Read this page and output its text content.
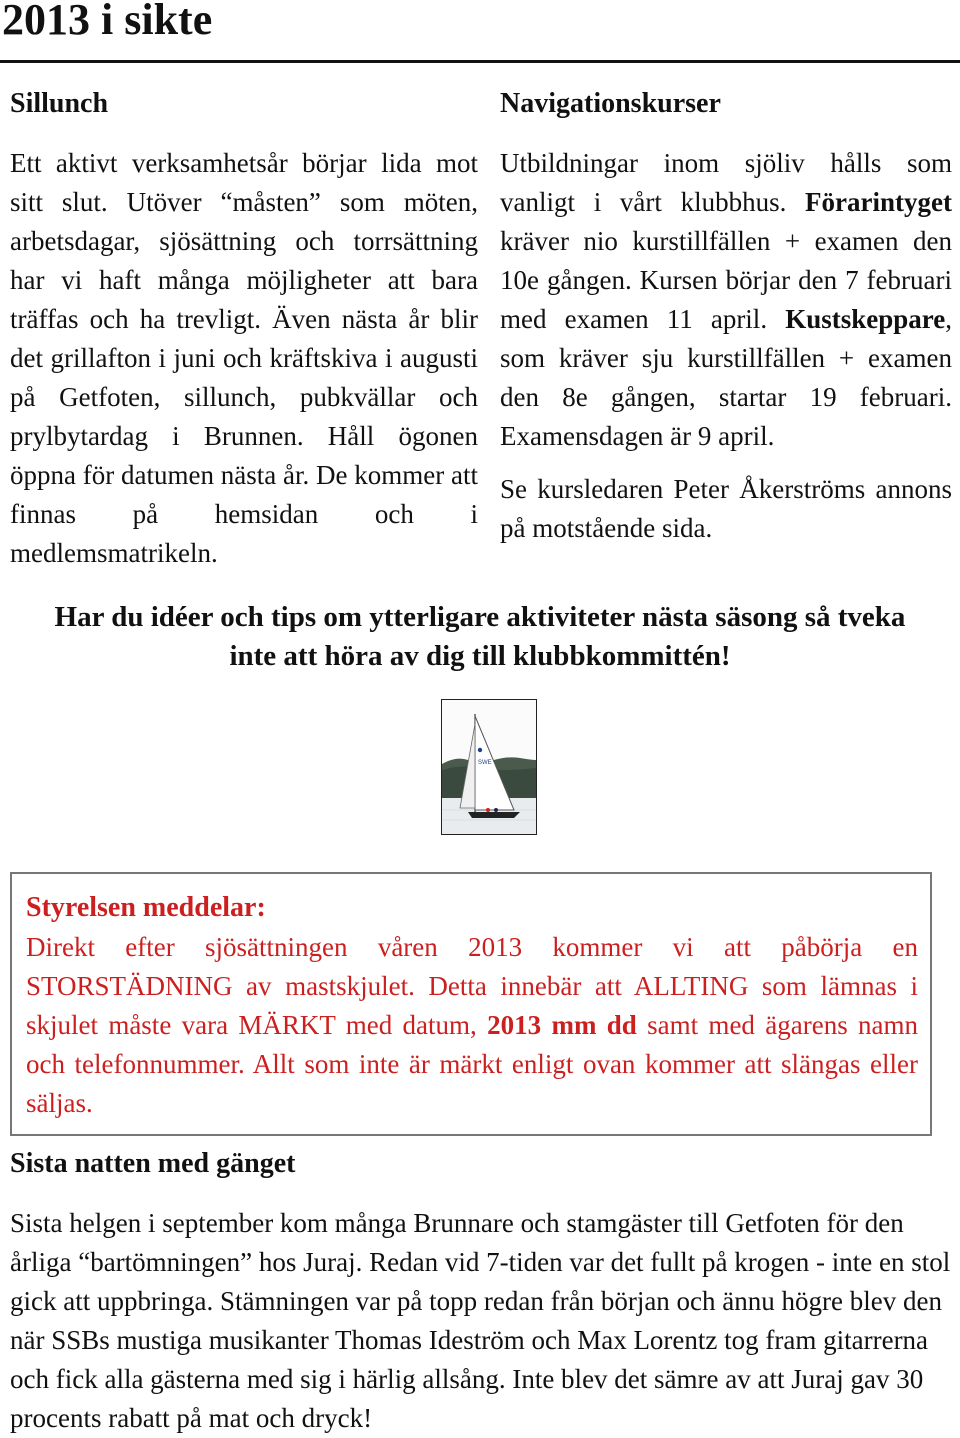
2013 i sikte
Sillunch

Ett aktivt verksamhetsår börjar lida mot sitt slut. Utöver “måsten” som möten, arbetsdagar, sjösättning och torrsättning har vi haft många möjligheter att bara träffas och ha trevligt. Även nästa år blir det grillafton i juni och kräftskiva i augusti på Getfoten, sillunch, pubkvällar och prylbytardag i Brunnen. Håll ögonen öppna för datumen nästa år. De kommer att finnas på hemsidan och i medlemsmatrikeln.

Navigationskurser

Utbildningar inom sjöliv hålls som vanligt i vårt klubbhus. Förarintyget kräver nio kurstillfällen + examen den 10e gången. Kursen börjar den 7 februari med examen 11 april. Kustskeppare, som kräver sju kurstillfällen + examen den 8e gången, startar 19 februari. Examensdagen är 9 april.

Se kursledaren Peter Åkerströms annons på motstående sida.

Har du idéer och tips om ytterligare aktiviteter nästa säsong så tveka
inte att höra av dig till klubbkommittén!
SWE
Styrelsen meddelar:

Direkt efter sjösättningen våren 2013 kommer vi att påbörja en STORSTÄDNING av mastskjulet. Detta innebär att ALLTING som lämnas i skjulet måste vara MÄRKT med datum, 2013 mm dd samt med ägarens namn och telefonnummer. Allt som inte är märkt enligt ovan kommer att slängas eller säljas.

Sista natten med gänget

Sista helgen i september kom många Brunnare och stamgäster till Getfoten för den årliga “bartömningen” hos Juraj. Redan vid 7-tiden var det fullt på krogen - inte en stol gick att uppbringa. Stämningen var på topp redan från början och ännu högre blev den när SSBs mustiga musikanter Thomas Ideström och Max Lorentz tog fram gitarrerna och fick alla gästerna med sig i härlig allsång. Inte blev det sämre av att Juraj gav 30 procents rabatt på mat och dryck!
